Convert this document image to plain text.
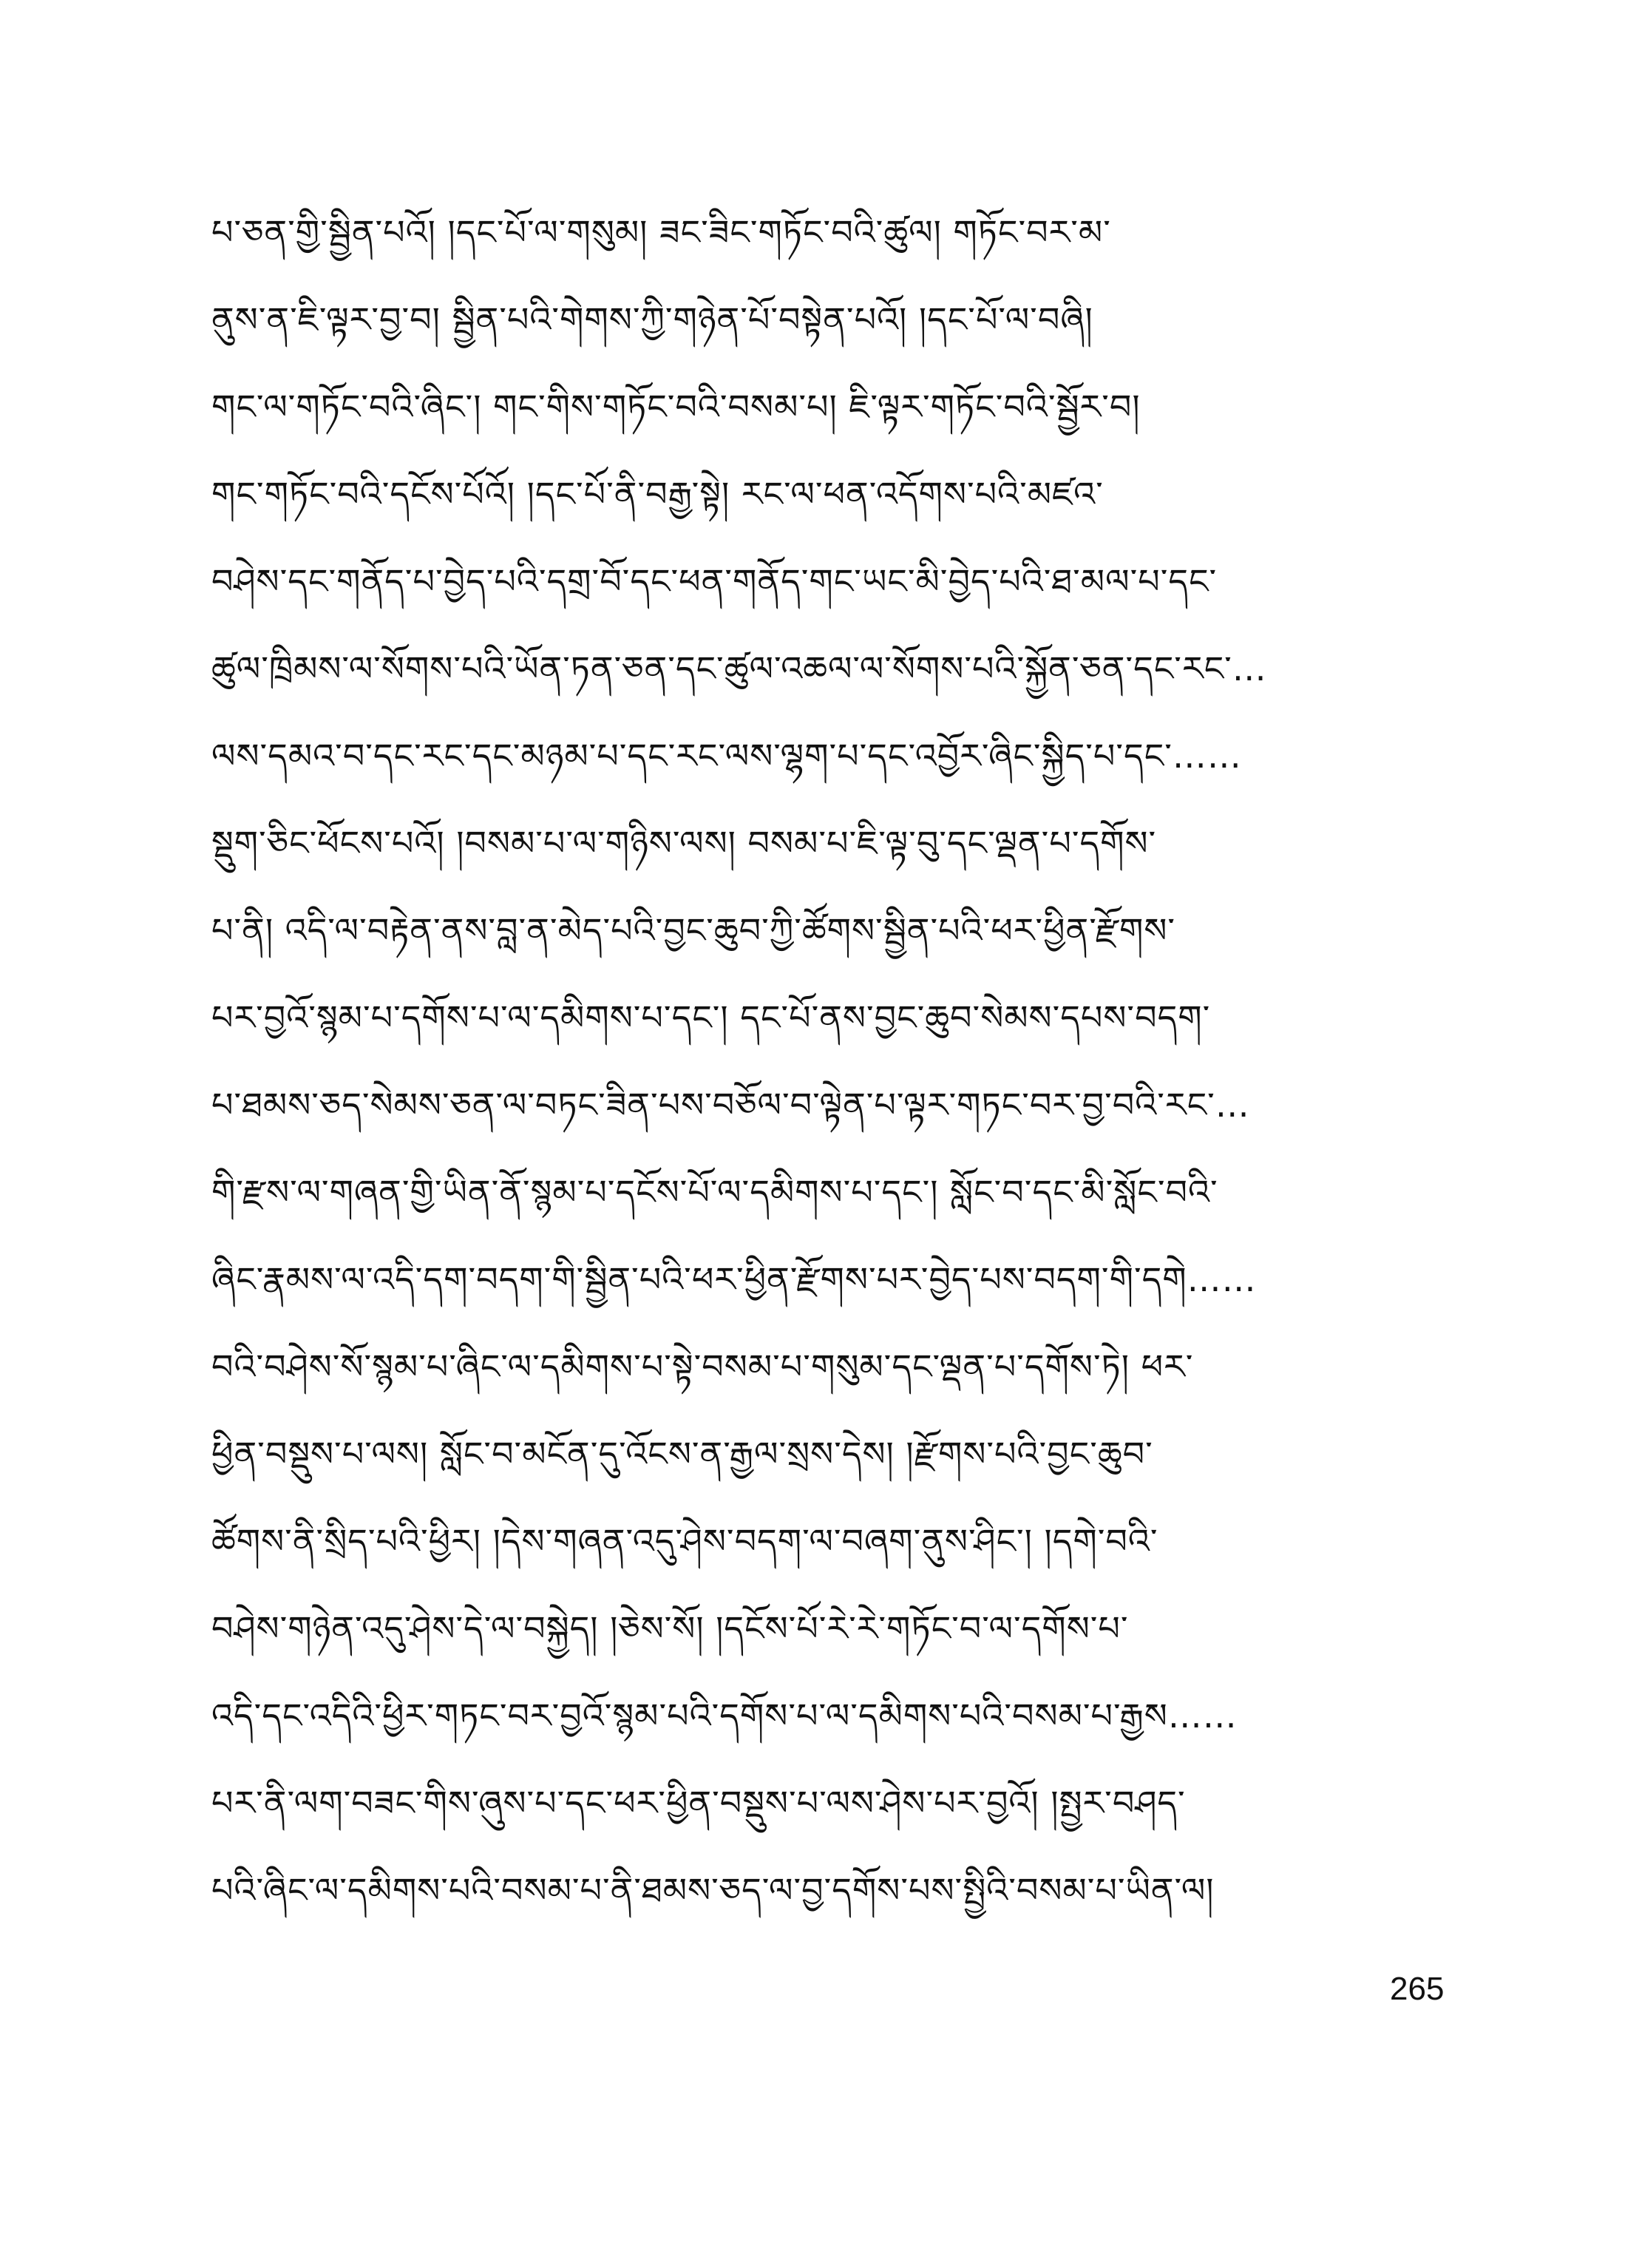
པ་ཅན་གྱི་སྦྱིན་པའོ། །དང་པོ་ལ་གསུམ། ཟང་ཟིང་གཏོང་བའི་ཚུལ། གཏོང་བར་མ་
ནུས་ན་ཇི་ལྟར་བྱ་བ། སྦྱིན་པའི་གེགས་ཀྱི་གཉེན་པོ་བསྟེན་པའོ། །དང་པོ་ལ་བཞི།
གང་ལ་གཏོང་བའི་ཞིང་། གང་གིས་གཏོང་བའི་བསམ་པ། ཇི་ལྟར་གཏོང་བའི་སྦྱོར་བ།
གང་གཏོང་བའི་དངོས་པོའོ། །དང་པོ་ནི་བརྒྱ་སྟེ། རང་ལ་ཕན་འདོགས་པའི་མཛའ་
བཤེས་དང་གནོད་པ་བྱེད་པའི་དགྲ་བོ་དང་ཕན་གནོད་གང་ཡང་མི་བྱེད་པའི་ཐ་མལ་པ་དང་
ཚུལ་ཁྲིམས་ལ་སོགས་པའི་ཡོན་ཏན་ཅན་དང་ཚུལ་འཆལ་ལ་སོགས་པའི་སྐྱོན་ཅན་དང་རང་…
ལས་དམའ་བ་དང་རང་དང་མཉམ་པ་དང་རང་ལས་ལྷག་པ་དང་འབྱོར་ཞིང་སྐྱིད་པ་དང་……
སྡུག་ཅིང་ཕོངས་པའོ། །བསམ་པ་ལ་གཉིས་ལས། བསམ་པ་ཇི་ལྟ་བུ་དང་ལྡན་པ་དགོས་
པ་ནི། འདི་ལ་བརྟེན་ནས་བླ་ན་མེད་པའི་བྱང་ཆུབ་ཀྱི་ཚོགས་སྦྱིན་པའི་ཕར་ཕྱིན་རྫོགས་
པར་བྱའོ་སྙམ་པ་དགོས་པ་ལ་དམིགས་པ་དང་། དང་པོ་ནས་བྱང་ཆུབ་སེམས་དཔས་བདག་
པ་ཐམས་ཅད་སེམས་ཅན་ལ་བཏང་ཟིན་པས་བཅོལ་བ་ལྟེན་པ་ལྟར་གཏང་བར་བྱ་བའི་རང་…
གི་རྫས་ལ་གཞན་གྱི་ཡིན་ནོ་སྙམ་པ་དངོས་པོ་ལ་དམིགས་པ་དང་། སློང་བ་དང་མི་སློང་བའི་
ཞིང་རྣམས་ལ་འདི་དག་བདག་གི་སྦྱིན་པའི་ཕར་ཕྱིན་རྫོགས་པར་བྱེད་པས་བདག་གི་དགེ……
བའི་བཤེས་སོ་སྙམ་པ་ཞིང་ལ་དམིགས་པ་སྟེ་བསམ་པ་གསུམ་དང་ལྡན་པ་དགོས་ཏེ། ཕར་
ཕྱིན་བསྡུས་པ་ལས། སློང་བ་མངོན་དུ་འོངས་ན་རྒྱལ་སྲས་དེས། །རྫོགས་པའི་བྱང་ཆུབ་
ཚོགས་ནི་སྲིད་པའི་ཕྱིར། །དེས་གཞན་འདུ་ཤེས་བདག་ལ་བཞག་ནུས་ཤིང་། །དགེ་བའི་
བཤེས་གཉེན་འདུ་ཤེས་དེ་ལ་བསྐྱེད། །ཅེས་སོ། །དངོས་པོ་རེ་རེ་གཏོང་བ་ལ་དགོས་པ་
འདི་དང་འདིའི་ཕྱིར་གཏང་བར་བྱའོ་སྙམ་པའི་དགོས་པ་ལ་དམིགས་པའི་བསམ་པ་རྒྱས……
པར་ནི་ལག་བཟང་གིས་ཞུས་པ་དང་ཕར་ཕྱིན་བསྡུས་པ་ལས་ཤེས་པར་བྱའོ། །སྤྱར་བཤད་
པའི་ཞིང་ལ་དམིགས་པའི་བསམ་པ་ནི་ཐམས་ཅད་ལ་བྱ་དགོས་པས་སྤྱིའི་བསམ་པ་ཡིན་ལ།
265
